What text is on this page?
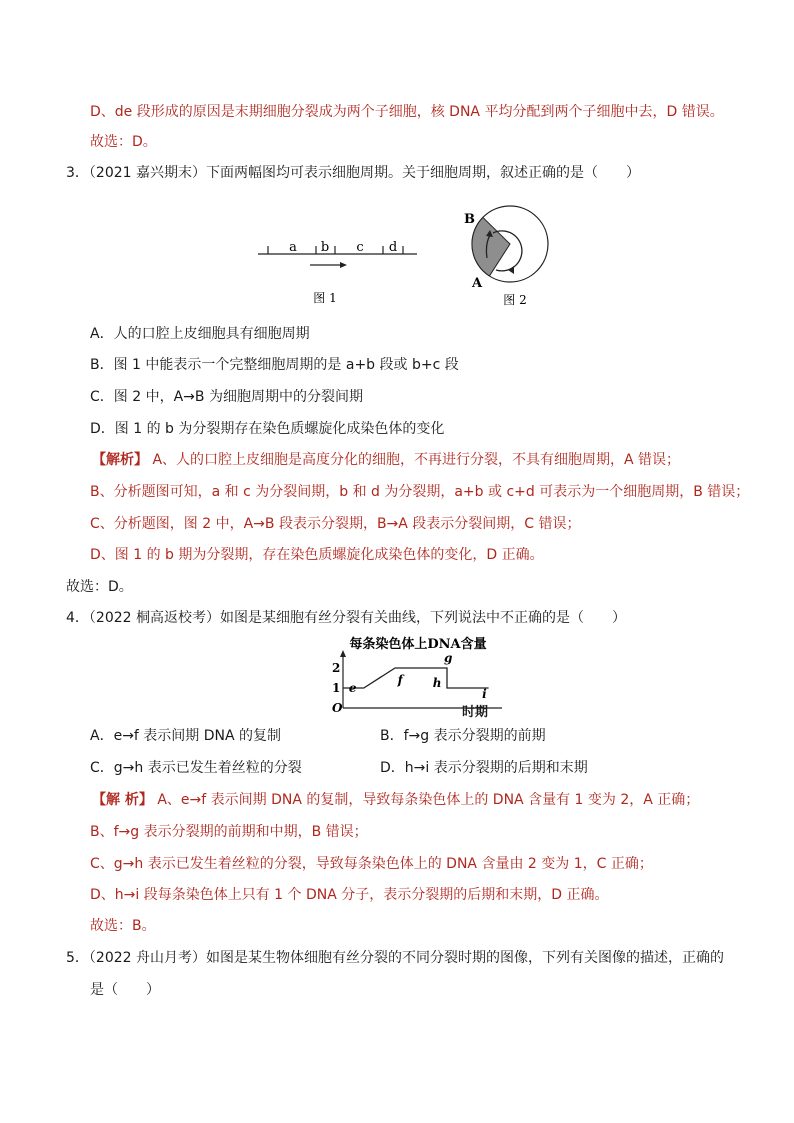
D、de 段形成的原因是末期细胞分裂成为两个子细胞，核 DNA 平均分配到两个子细胞中去，D 错误。
故选：D。
3．（2021 嘉兴期末）下面两幅图均可表示细胞周期。关于细胞周期，叙述正确的是（　　）
a b c d
图 1
B
A
图 2
A．人的口腔上皮细胞具有细胞周期
B．图 1 中能表示一个完整细胞周期的是 a+b 段或 b+c 段
C．图 2 中，A→B 为细胞周期中的分裂间期
D．图 1 的 b 为分裂期存在染色质螺旋化成染色体的变化
【解析】 A、人的口腔上皮细胞是高度分化的细胞，不再进行分裂，不具有细胞周期，A 错误；
B、分析题图可知，a 和 c 为分裂间期，b 和 d 为分裂期，a+b 或 c+d 可表示为一个细胞周期，B 错误；
C、分析题图，图 2 中，A→B 段表示分裂期，B→A 段表示分裂间期，C 错误；
D、图 1 的 b 期为分裂期，存在染色质螺旋化成染色体的变化，D 正确。
故选：D。
4．（2022 桐高返校考）如图是某细胞有丝分裂有关曲线，下列说法中不正确的是（　　）
每条染色体上DNA含量
O
1
2
e
f
g
h
i
时期
A．e→f 表示间期 DNA 的复制	B．f→g 表示分裂期的前期
C．g→h 表示已发生着丝粒的分裂	D．h→i 表示分裂期的后期和末期
【解 析】 A、e→f 表示间期 DNA 的复制，导致每条染色体上的 DNA 含量有 1 变为 2，A 正确；
B、f→g 表示分裂期的前期和中期，B 错误；
C、g→h 表示已发生着丝粒的分裂，导致每条染色体上的 DNA 含量由 2 变为 1，C 正确；
D、h→i 段每条染色体上只有 1 个 DNA 分子，表示分裂期的后期和末期，D 正确。
故选：B。
5．（2022 舟山月考）如图是某生物体细胞有丝分裂的不同分裂时期的图像，下列有关图像的描述，正确的
是（　　）
